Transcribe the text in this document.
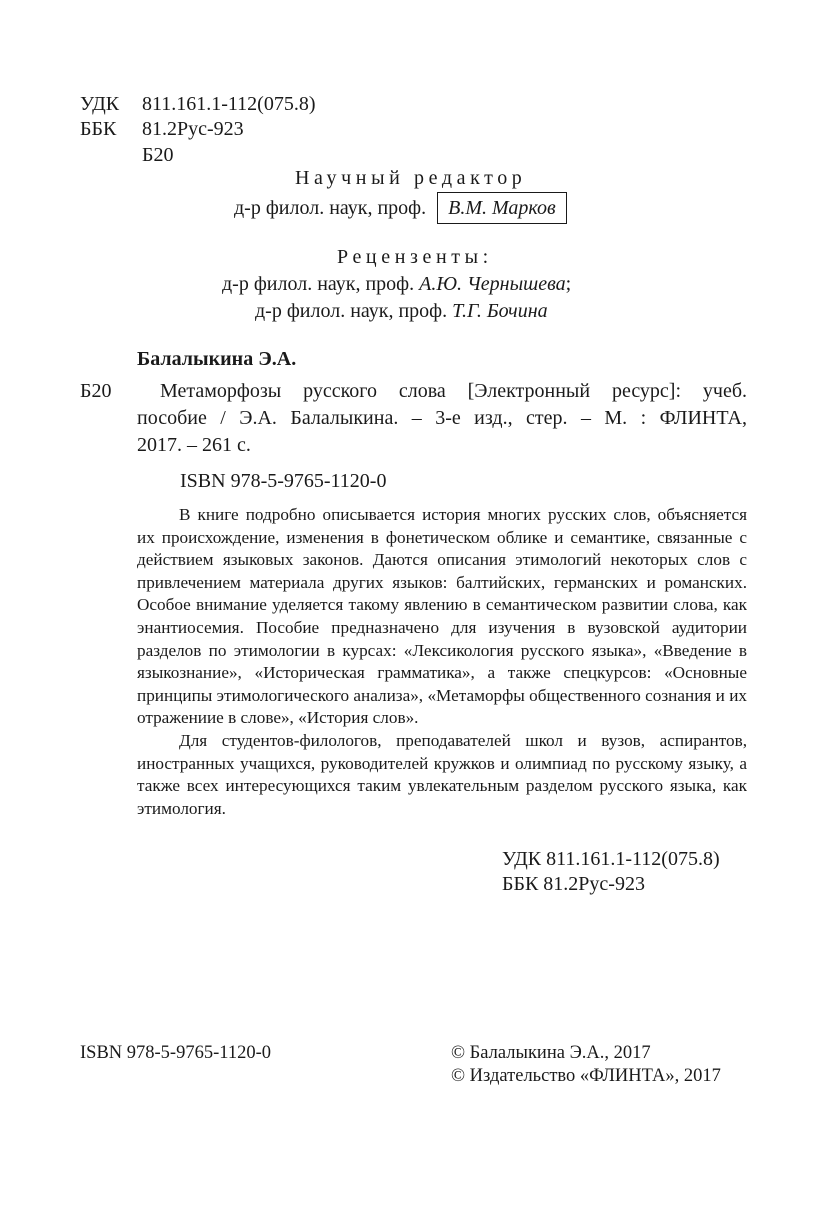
УДК 811.161.1-112(075.8)
ББК 81.2Рус-923
Б20
Научный редактор
д-р филол. наук, проф. В.М. Марков
Рецензенты:
д-р филол. наук, проф. А.Ю. Чернышева;
д-р филол. наук, проф. Т.Г. Бочина
Балалыкина Э.А.
Б20 Метаморфозы русского слова [Электронный ресурс]: учеб.
пособие / Э.А. Балалыкина. – 3-е изд., стер. – М. : ФЛИНТА,
2017. – 261 с.
ISBN 978-5-9765-1120-0

В книге подробно описывается история многих русских слов, объясняется их происхождение, изменения в фонетическом облике и семантике, связанные с действием языковых законов. Даются описания этимологий некоторых слов с привлечением материала других языков: балтийских, германских и романских. Особое внимание уделяется такому явлению в семантическом развитии слова, как энантиосемия. Пособие предназначено для изучения в вузовской аудитории разделов по этимологии в курсах: «Лексикология русского языка», «Введение в языкознание», «Историческая грамматика», а также спецкурсов: «Основные принципы этимологического анализа», «Метаморфы общественного сознания и их отражениие в слове», «История слов».

Для студентов-филологов, преподавателей школ и вузов, аспирантов, иностранных учащихся, руководителей кружков и олимпиад по русскому языку, а также всех интересующихся таким увлекательным разделом русского языка, как этимология.

УДК 811.161.1-112(075.8)
ББК 81.2Рус-923
ISBN 978-5-9765-1120-0	© Балалыкина Э.А., 2017
© Издательство «ФЛИНТА», 2017
